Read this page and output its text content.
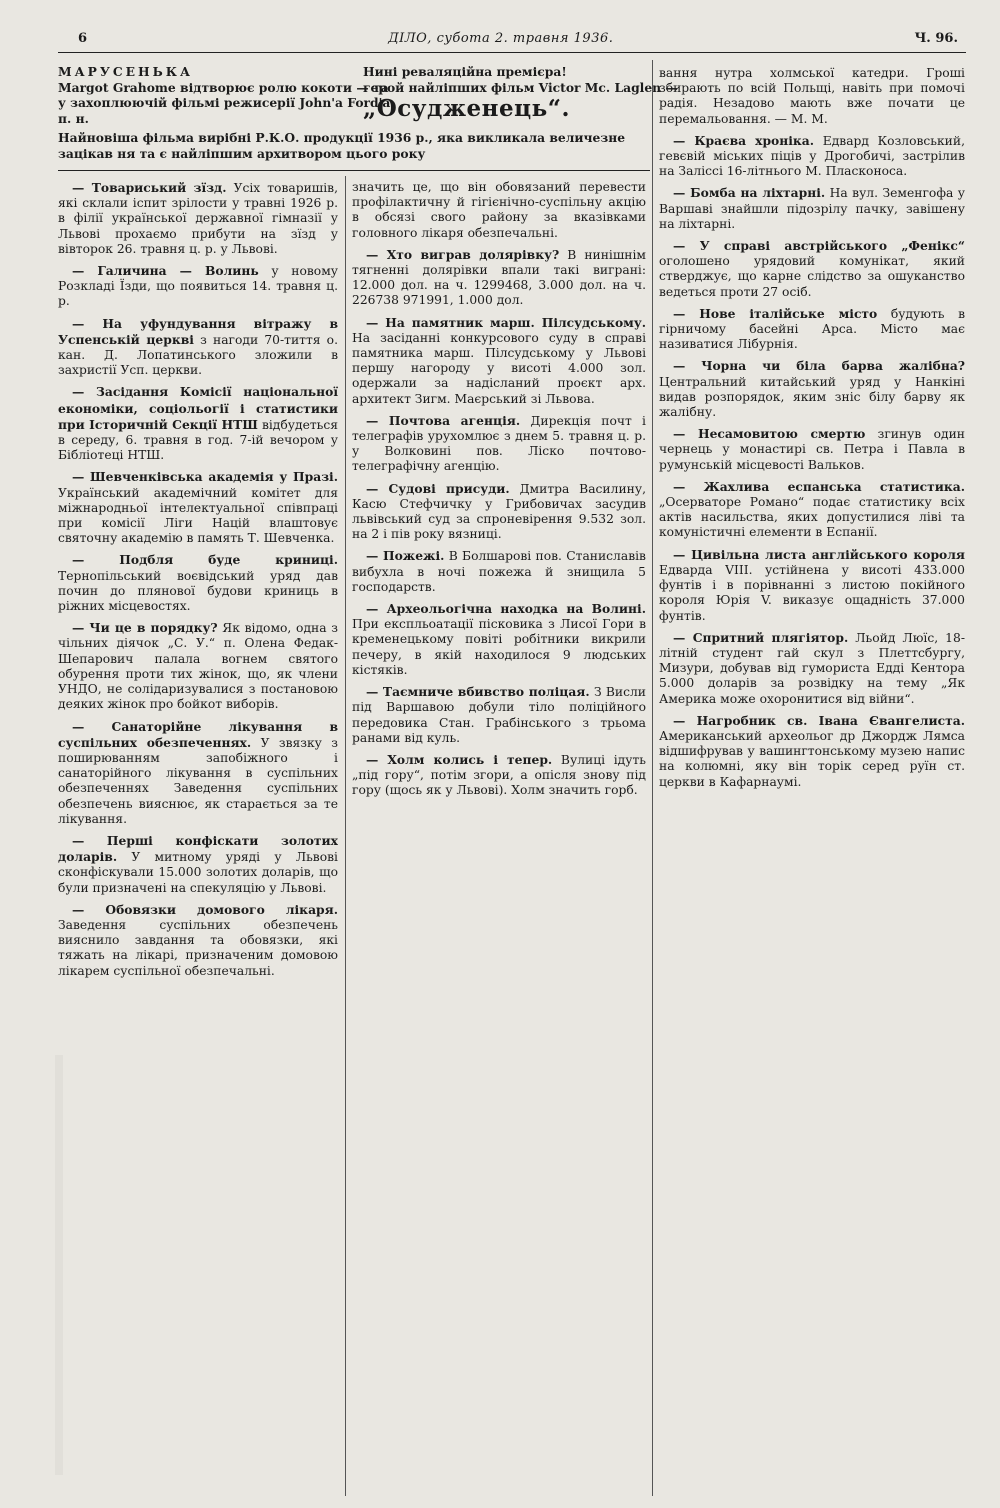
6	ДІЛО, субота 2. травня 1936.	Ч. 96.
МАРУСЕНЬКА
Margot Grahome відтворює ролю кокоти — та
у захоплюючій фільмі режисерії John'a Ford'a
п. н.
Нині реваляційна премієра!
герой найліпших фільм Victor Mc. Laglen —
„Осудженець“.
Найновіша фільма вирібні Р.К.О. продукції 1936 р., яка викликала величезне зацікав ня та є найліпшим архитвором цього року

— Товариський зїзд. Усіх товаришів, які склали іспит зрілости у травні 1926 р. в філії української державної гімназії у Львові прохаємо прибути на зїзд у вівторок 26. травня ц. р. у Львові.

— Галичина — Волинь у новому Розкладі Їзди, що появиться 14. травня ц. р.

— На уфундування вітражу в Успенській церкві з нагоди 70-тиття о. кан. Д. Лопатинського зложили в захристії Усп. церкви.

— Засідання Комісії національної економіки, соціольогії і статистики при Історичній Секції НТШ відбудеться в середу, 6. травня в год. 7-ій вечором у Бібліотеці НТШ.

— Шевченківська академія у Празі. Український академічний комітет для міжнародньої інтелектуальної співпраці при комісії Ліги Націй влаштовує святочну академію в память Т. Шевченка.

— Подбля буде криниці. Тернопільський воєвідський уряд дав почин до плянової будови криниць в ріжних місцевостях.

— Чи це в порядку? Як відомо, одна з чільних діячок „С. У.“ п. Олена Федак-Шепарович палала вогнем святого обурення проти тих жінок, що, як члени УНДО, не солідаризувалися з постановою деяких жінок про бойкот виборів.

— Санаторійне лікування в суспільних обезпеченнях. У звязку з поширюванням запобіжного і санаторійного лікування в суспільних обезпеченнях Заведення суспільних обезпечень вияснює, як старається за те лікування.

— Перші конфіскати золотих доларів. У митному уряді у Львові сконфіскували 15.000 золотих доларів, що були призначені на спекуляцію у Львові.

— Обовязки домового лікаря. Заведення суспільних обезпечень вияснило завдання та обовязки, які тяжать на лікарі, призначеним домовою лікарем суспільної обезпечальні.

значить це, що він обовязаний перевести профілактичну й гігієнічно-суспільну акцію в обсязі свого району за вказівками головного лікаря обезпечальні.

— Хто виграв долярівку? В нинішнім тягненні долярівки впали такі виграні: 12.000 дол. на ч. 1299468, 3.000 дол. на ч. 226738 971991, 1.000 дол.

— На памятник марш. Пілсудському. На засіданні конкурсового суду в справі памятника марш. Пілсудському у Львові першу нагороду у висоті 4.000 зол. одержали за надісланий проєкт арх. архитект Зигм. Маєрський зі Львова.

— Почтова агенція. Дирекція почт і телеграфів урухомлює з днем 5. травня ц. р. у Волковині пов. Ліско почтово-телеграфічну агенцію.

— Судові присуди. Дмитра Василину, Касю Стефчичку у Грибовичах засудив львівський суд за спроневірення 9.532 зол. на 2 і пів року вязниці.

— Пожежі. В Болшарові пов. Станиславів вибухла в ночі пожежа й знищила 5 господарств.

— Археольогічна находка на Волині. При експльоатації пісковика з Лисої Гори в кременецькому повіті робітники викрили печеру, в якій находилося 9 людських кістяків.

— Таємниче вбивство поліцая. З Висли під Варшавою добули тіло поліційного передовика Стан. Грабінського з трьома ранами від куль.

— Холм колись і тепер. Вулиці ідуть „під гору“, потім згори, а опісля знову під гору (щось як у Львові). Холм значить горб.

вання нутра холмської катедри. Гроші збирають по всій Польщі, навіть при помочі радія. Незадово мають вже почати це перемальовання. — М. М.

— Краєва хроніка. Едвард Козловський, гевєвій міських піців у Дрогобичі, застрілив на Заліссі 16-літнього М. Пласконоса.

— Бомба на ліхтарні. На вул. Земенгофа у Варшаві знайшли підозрілу пачку, завішену на ліхтарні.

— У справі австрійського „Фенікс“ оголошено урядовий комунікат, який стверджує, що карне слідство за ошуканство ведеться проти 27 осіб.

— Нове італійське місто будують в гірничому басейні Арса. Місто має називатися Лібурнія.

— Чорна чи біла барва жалібна? Центральний китайський уряд у Нанкіні видав розпорядок, яким зніс білу барву як жалібну.

— Несамовитою смертю згинув один чернець у монастирі св. Петра і Павла в румунській місцевості Вальков.

— Жахлива еспанська статистика. „Осерваторе Романо“ подає статистику всіх актів насильства, яких допустилися ліві та комуністичні елементи в Еспанії.

— Цивільна листа англійського короля Едварда VIII. устійнена у висоті 433.000 фунтів і в порівнанні з листою покійного короля Юрія V. виказує ощадність 37.000 фунтів.

— Спритний плягіятор. Льойд Люїс, 18-літній студент гай скул з Плеттсбургу, Мизури, добував від гумориста Едді Кентора 5.000 доларів за розвідку на тему „Як Америка може охоронитися від війни“.

— Нагробник св. Івана Євангелиста. Американський археольог др Джордж Лямса відшифрував у вашингтонському музею напис на колюмні, яку він торік серед руїн ст. церкви в Кафарнаумі.
